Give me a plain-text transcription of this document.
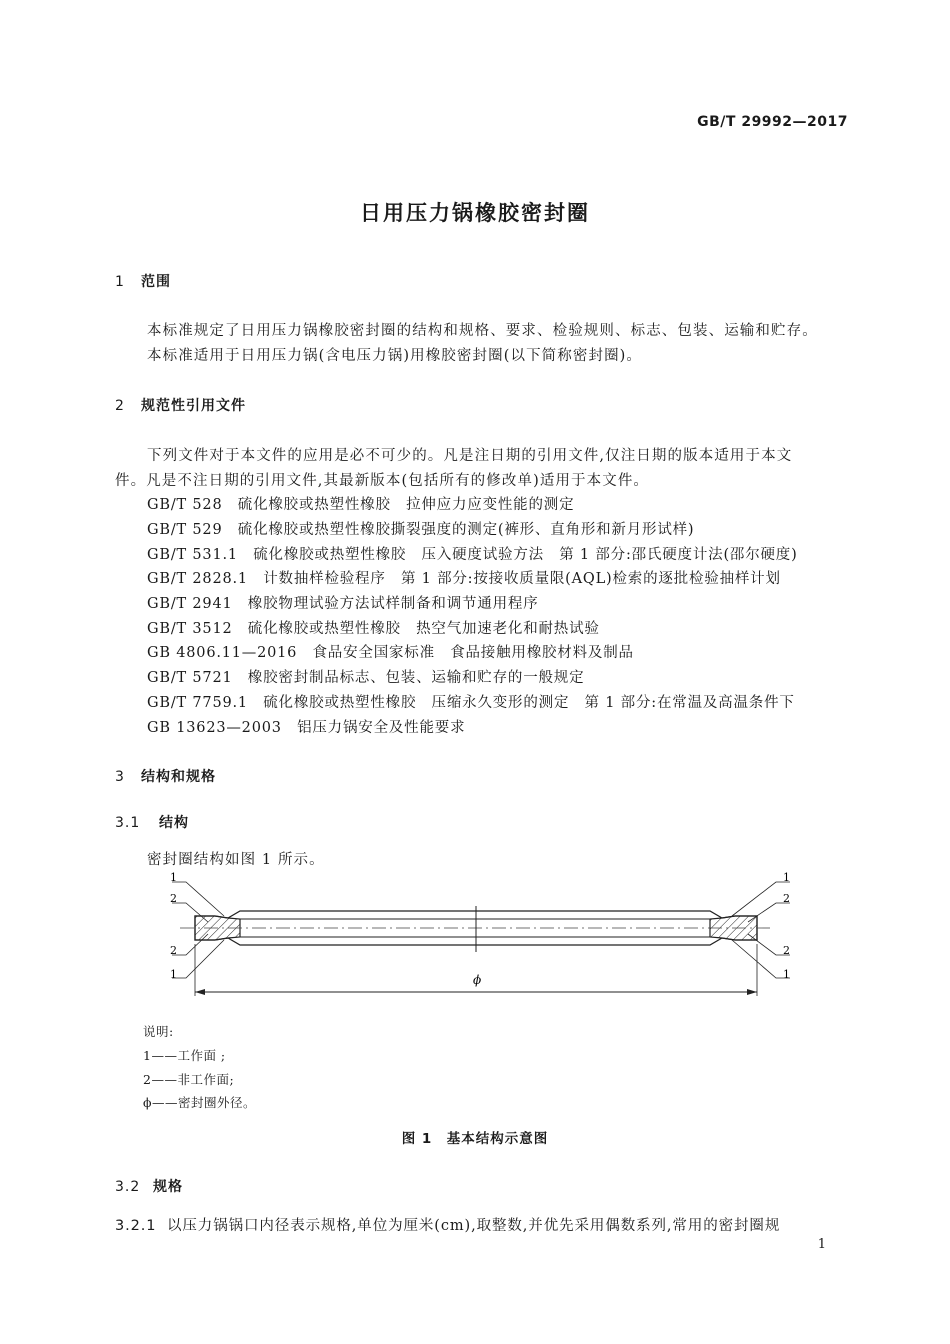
GB/T 29992—2017
日用压力锅橡胶密封圈
1 范围
本标准规定了日用压力锅橡胶密封圈的结构和规格、要求、检验规则、标志、包装、运输和贮存。
本标准适用于日用压力锅(含电压力锅)用橡胶密封圈(以下简称密封圈)。
2 规范性引用文件
下列文件对于本文件的应用是必不可少的。凡是注日期的引用文件,仅注日期的版本适用于本文
件。凡是不注日期的引用文件,其最新版本(包括所有的修改单)适用于本文件。
GB/T 528　硫化橡胶或热塑性橡胶　拉伸应力应变性能的测定
GB/T 529　硫化橡胶或热塑性橡胶撕裂强度的测定(裤形、直角形和新月形试样)
GB/T 531.1　硫化橡胶或热塑性橡胶　压入硬度试验方法　第 1 部分:邵氏硬度计法(邵尔硬度)
GB/T 2828.1　计数抽样检验程序　第 1 部分:按接收质量限(AQL)检索的逐批检验抽样计划
GB/T 2941　橡胶物理试验方法试样制备和调节通用程序
GB/T 3512　硫化橡胶或热塑性橡胶　热空气加速老化和耐热试验
GB 4806.11—2016　食品安全国家标准　食品接触用橡胶材料及制品
GB/T 5721　橡胶密封制品标志、包装、运输和贮存的一般规定
GB/T 7759.1　硫化橡胶或热塑性橡胶　压缩永久变形的测定　第 1 部分:在常温及高温条件下
GB 13623—2003　铝压力锅安全及性能要求
3 结构和规格
3.1 结构
密封圈结构如图 1 所示。
1
2
2
1
1
2
2
1
ϕ
说明:
1——工作面 ;
2——非工作面;
ϕ——密封圈外径。
图 1　基本结构示意图
3.2 规格
3.2.1 以压力锅锅口内径表示规格,单位为厘米(cm),取整数,并优先采用偶数系列,常用的密封圈规
1
